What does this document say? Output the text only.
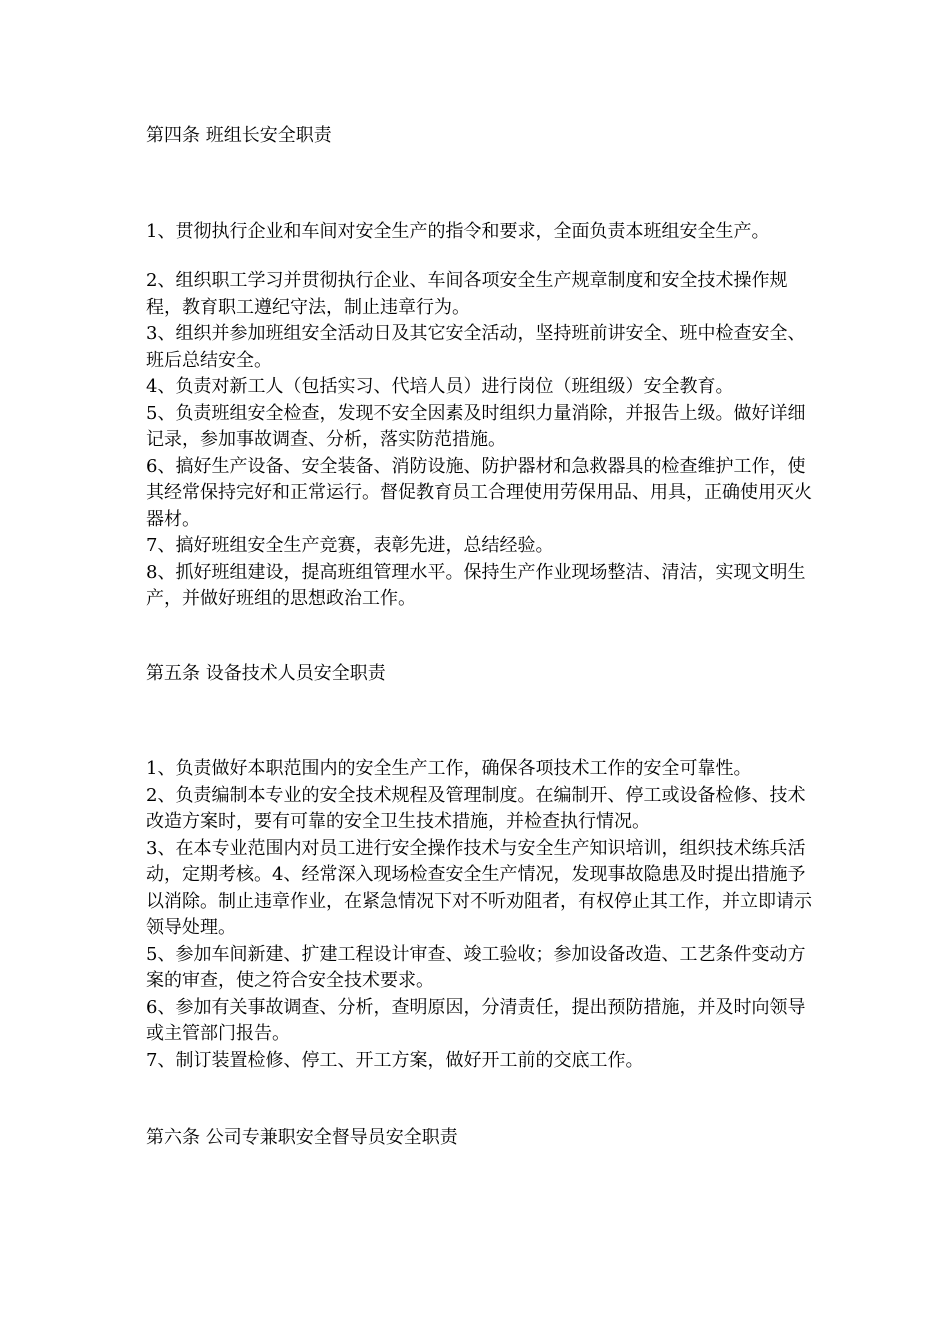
第四条 班组长安全职责

1、贯彻执行企业和车间对安全生产的指令和要求，全面负责本班组安全生产。

2、组织职工学习并贯彻执行企业、车间各项安全生产规章制度和安全技术操作规程，教育职工遵纪守法，制止违章行为。

3、组织并参加班组安全活动日及其它安全活动，坚持班前讲安全、班中检查安全、班后总结安全。

4、负责对新工人（包括实习、代培人员）进行岗位（班组级）安全教育。

5、负责班组安全检查，发现不安全因素及时组织力量消除，并报告上级。做好详细记录，参加事故调查、分析，落实防范措施。

6、搞好生产设备、安全装备、消防设施、防护器材和急救器具的检查维护工作，使其经常保持完好和正常运行。督促教育员工合理使用劳保用品、用具，正确使用灭火器材。

7、搞好班组安全生产竞赛，表彰先进，总结经验。

8、抓好班组建设，提高班组管理水平。保持生产作业现场整洁、清洁，实现文明生产，并做好班组的思想政治工作。

第五条 设备技术人员安全职责

1、负责做好本职范围内的安全生产工作，确保各项技术工作的安全可靠性。

2、负责编制本专业的安全技术规程及管理制度。在编制开、停工或设备检修、技术改造方案时，要有可靠的安全卫生技术措施，并检查执行情况。

3、在本专业范围内对员工进行安全操作技术与安全生产知识培训，组织技术练兵活动，定期考核。4、经常深入现场检查安全生产情况，发现事故隐患及时提出措施予以消除。制止违章作业，在紧急情况下对不听劝阻者，有权停止其工作，并立即请示领导处理。

5、参加车间新建、扩建工程设计审查、竣工验收；参加设备改造、工艺条件变动方案的审查，使之符合安全技术要求。

6、参加有关事故调查、分析，查明原因，分清责任，提出预防措施，并及时向领导或主管部门报告。

7、制订装置检修、停工、开工方案，做好开工前的交底工作。

第六条 公司专兼职安全督导员安全职责
